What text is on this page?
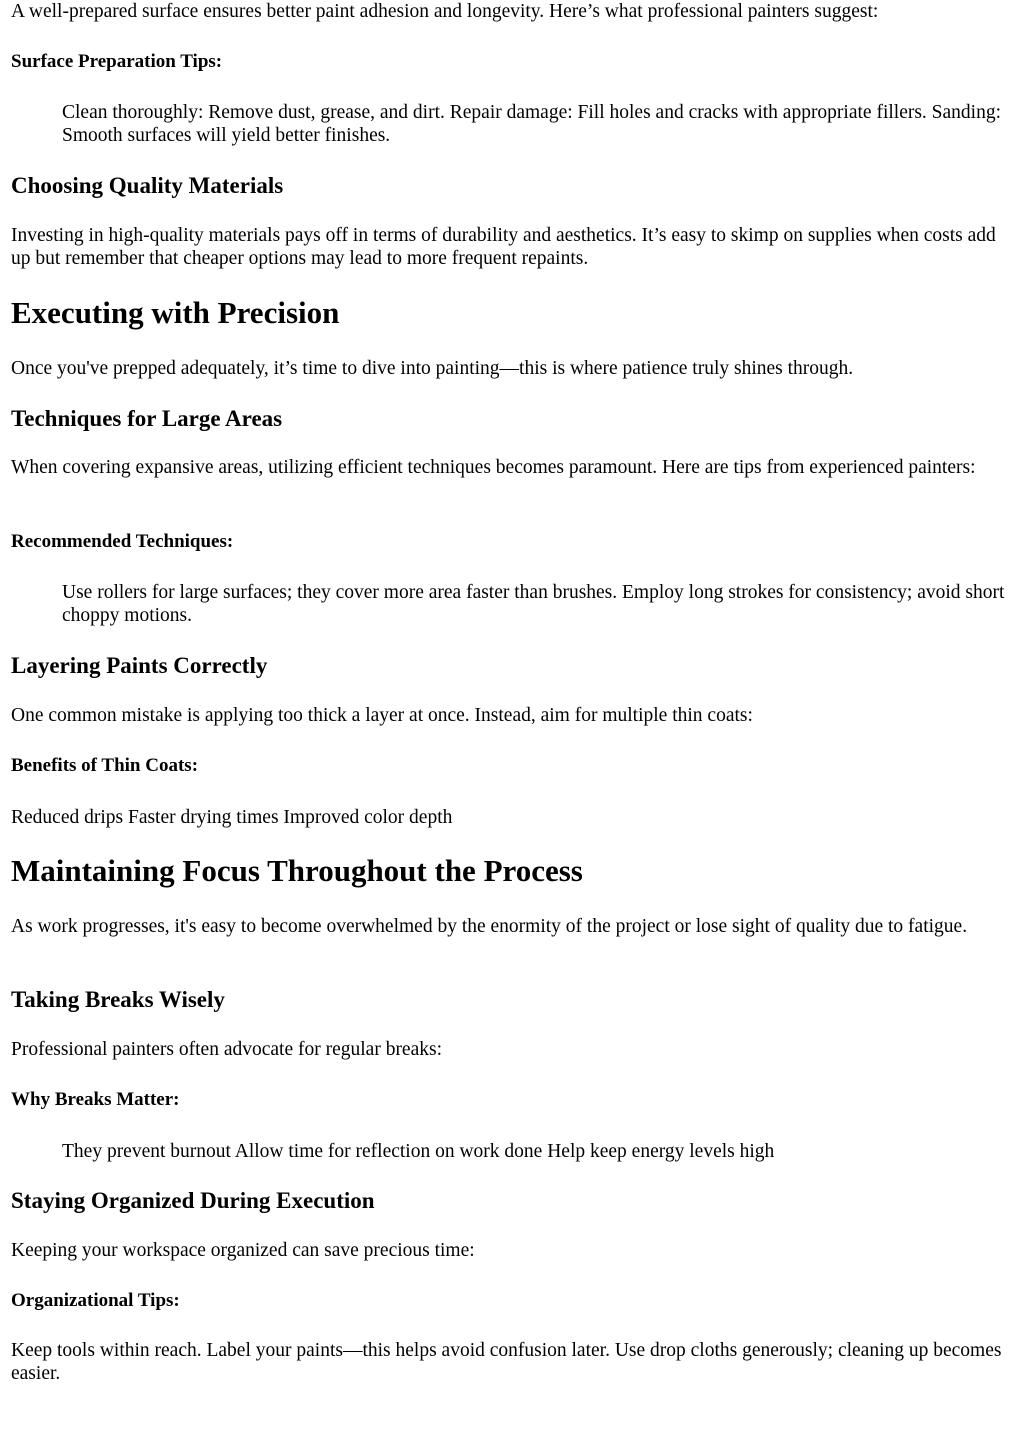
A well-prepared surface ensures better paint adhesion and longevity. Here’s what professional painters suggest:

Surface Preparation Tips:

Clean thoroughly: Remove dust, grease, and dirt. Repair damage: Fill holes and cracks with appropriate fillers. Sanding: Smooth surfaces will yield better finishes.

Choosing Quality Materials

Investing in high-quality materials pays off in terms of durability and aesthetics. It’s easy to skimp on supplies when costs add up but remember that cheaper options may lead to more frequent repaints.

Executing with Precision

Once you've prepped adequately, it’s time to dive into painting—this is where patience truly shines through.

Techniques for Large Areas

When covering expansive areas, utilizing efficient techniques becomes paramount. Here are tips from experienced painters:

Recommended Techniques:

Use rollers for large surfaces; they cover more area faster than brushes. Employ long strokes for consistency; avoid short choppy motions.

Layering Paints Correctly

One common mistake is applying too thick a layer at once. Instead, aim for multiple thin coats:

Benefits of Thin Coats:

Reduced drips Faster drying times Improved color depth

Maintaining Focus Throughout the Process

As work progresses, it's easy to become overwhelmed by the enormity of the project or lose sight of quality due to fatigue.

Taking Breaks Wisely

Professional painters often advocate for regular breaks:

Why Breaks Matter:

They prevent burnout Allow time for reflection on work done Help keep energy levels high

Staying Organized During Execution

Keeping your workspace organized can save precious time:

Organizational Tips:

Keep tools within reach. Label your paints—this helps avoid confusion later. Use drop cloths generously; cleaning up becomes easier.
